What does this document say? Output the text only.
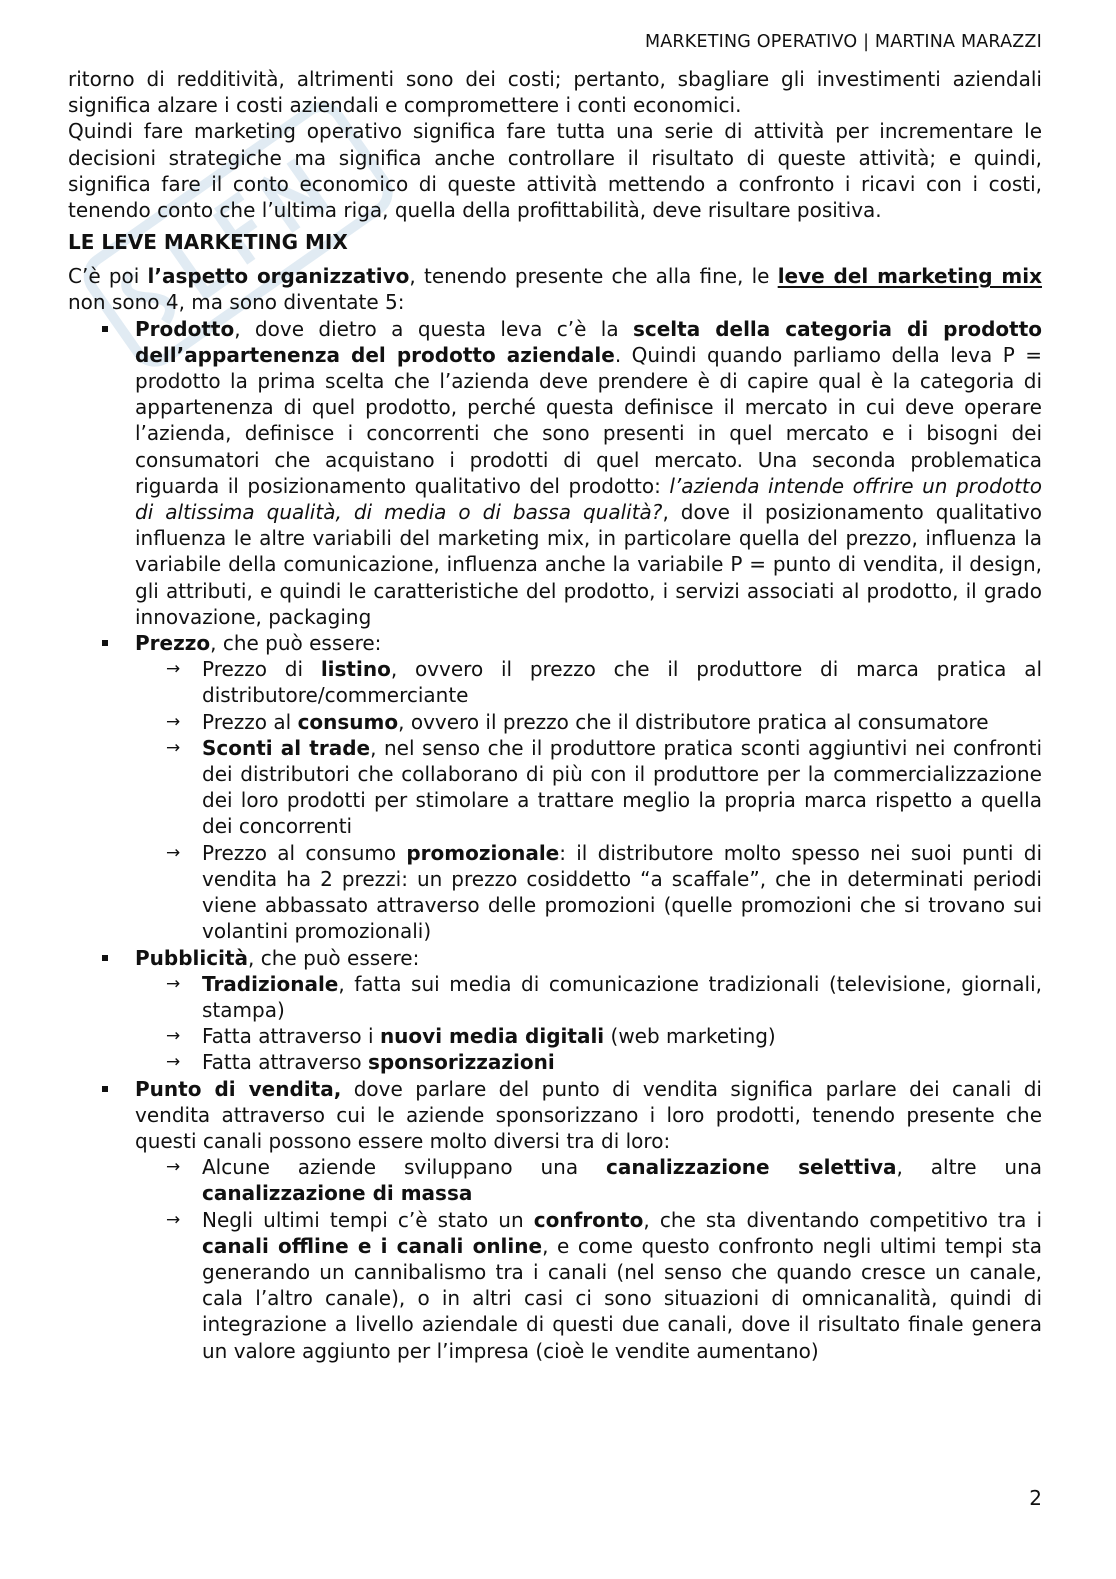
MARKETING OPERATIVO | MARTINA MARAZZI

ritorno di redditività, altrimenti sono dei costi; pertanto, sbagliare gli investimenti aziendali significa alzare i costi aziendali e compromettere i conti economici.

Quindi fare marketing operativo significa fare tutta una serie di attività per incrementare le decisioni strategiche ma significa anche controllare il risultato di queste attività; e quindi, significa fare il conto economico di queste attività mettendo a confronto i ricavi con i costi, tenendo conto che l’ultima riga, quella della profittabilità, deve risultare positiva.

LE LEVE MARKETING MIX

C’è poi l’aspetto organizzativo, tenendo presente che alla fine, le leve del marketing mix non sono 4, ma sono diventate 5:

Prodotto, dove dietro a questa leva c’è la scelta della categoria di prodotto dell’appartenenza del prodotto aziendale. Quindi quando parliamo della leva P = prodotto la prima scelta che l’azienda deve prendere è di capire qual è la categoria di appartenenza di quel prodotto, perché questa definisce il mercato in cui deve operare l’azienda, definisce i concorrenti che sono presenti in quel mercato e i bisogni dei consumatori che acquistano i prodotti di quel mercato. Una seconda problematica riguarda il posizionamento qualitativo del prodotto: l’azienda intende offrire un prodotto di altissima qualità, di media o di bassa qualità?, dove il posizionamento qualitativo influenza le altre variabili del marketing mix, in particolare quella del prezzo, influenza la variabile della comunicazione, influenza anche la variabile P = punto di vendita, il design, gli attributi, e quindi le caratteristiche del prodotto, i servizi associati al prodotto, il grado innovazione, packaging
Prezzo, che può essere:
→ Prezzo di listino, ovvero il prezzo che il produttore di marca pratica al distributore/commerciante
→ Prezzo al consumo, ovvero il prezzo che il distributore pratica al consumatore
→ Sconti al trade, nel senso che il produttore pratica sconti aggiuntivi nei confronti dei distributori che collaborano di più con il produttore per la commercializzazione dei loro prodotti per stimolare a trattare meglio la propria marca rispetto a quella dei concorrenti
→ Prezzo al consumo promozionale: il distributore molto spesso nei suoi punti di vendita ha 2 prezzi: un prezzo cosiddetto “a scaffale”, che in determinati periodi viene abbassato attraverso delle promozioni (quelle promozioni che si trovano sui volantini promozionali)
Pubblicità, che può essere:
→ Tradizionale, fatta sui media di comunicazione tradizionali (televisione, giornali, stampa)
→ Fatta attraverso i nuovi media digitali (web marketing)
→ Fatta attraverso sponsorizzazioni
Punto di vendita, dove parlare del punto di vendita significa parlare dei canali di vendita attraverso cui le aziende sponsorizzano i loro prodotti, tenendo presente che questi canali possono essere molto diversi tra di loro:
→ Alcune aziende sviluppano una canalizzazione selettiva, altre una canalizzazione di massa
→ Negli ultimi tempi c’è stato un confronto, che sta diventando competitivo tra i canali offline e i canali online, e come questo confronto negli ultimi tempi sta generando un cannibalismo tra i canali (nel senso che quando cresce un canale, cala l’altro canale), o in altri casi ci sono situazioni di omnicanalità, quindi di integrazione a livello aziendale di questi due canali, dove il risultato finale genera un valore aggiunto per l’impresa (cioè le vendite aumentano)
2
